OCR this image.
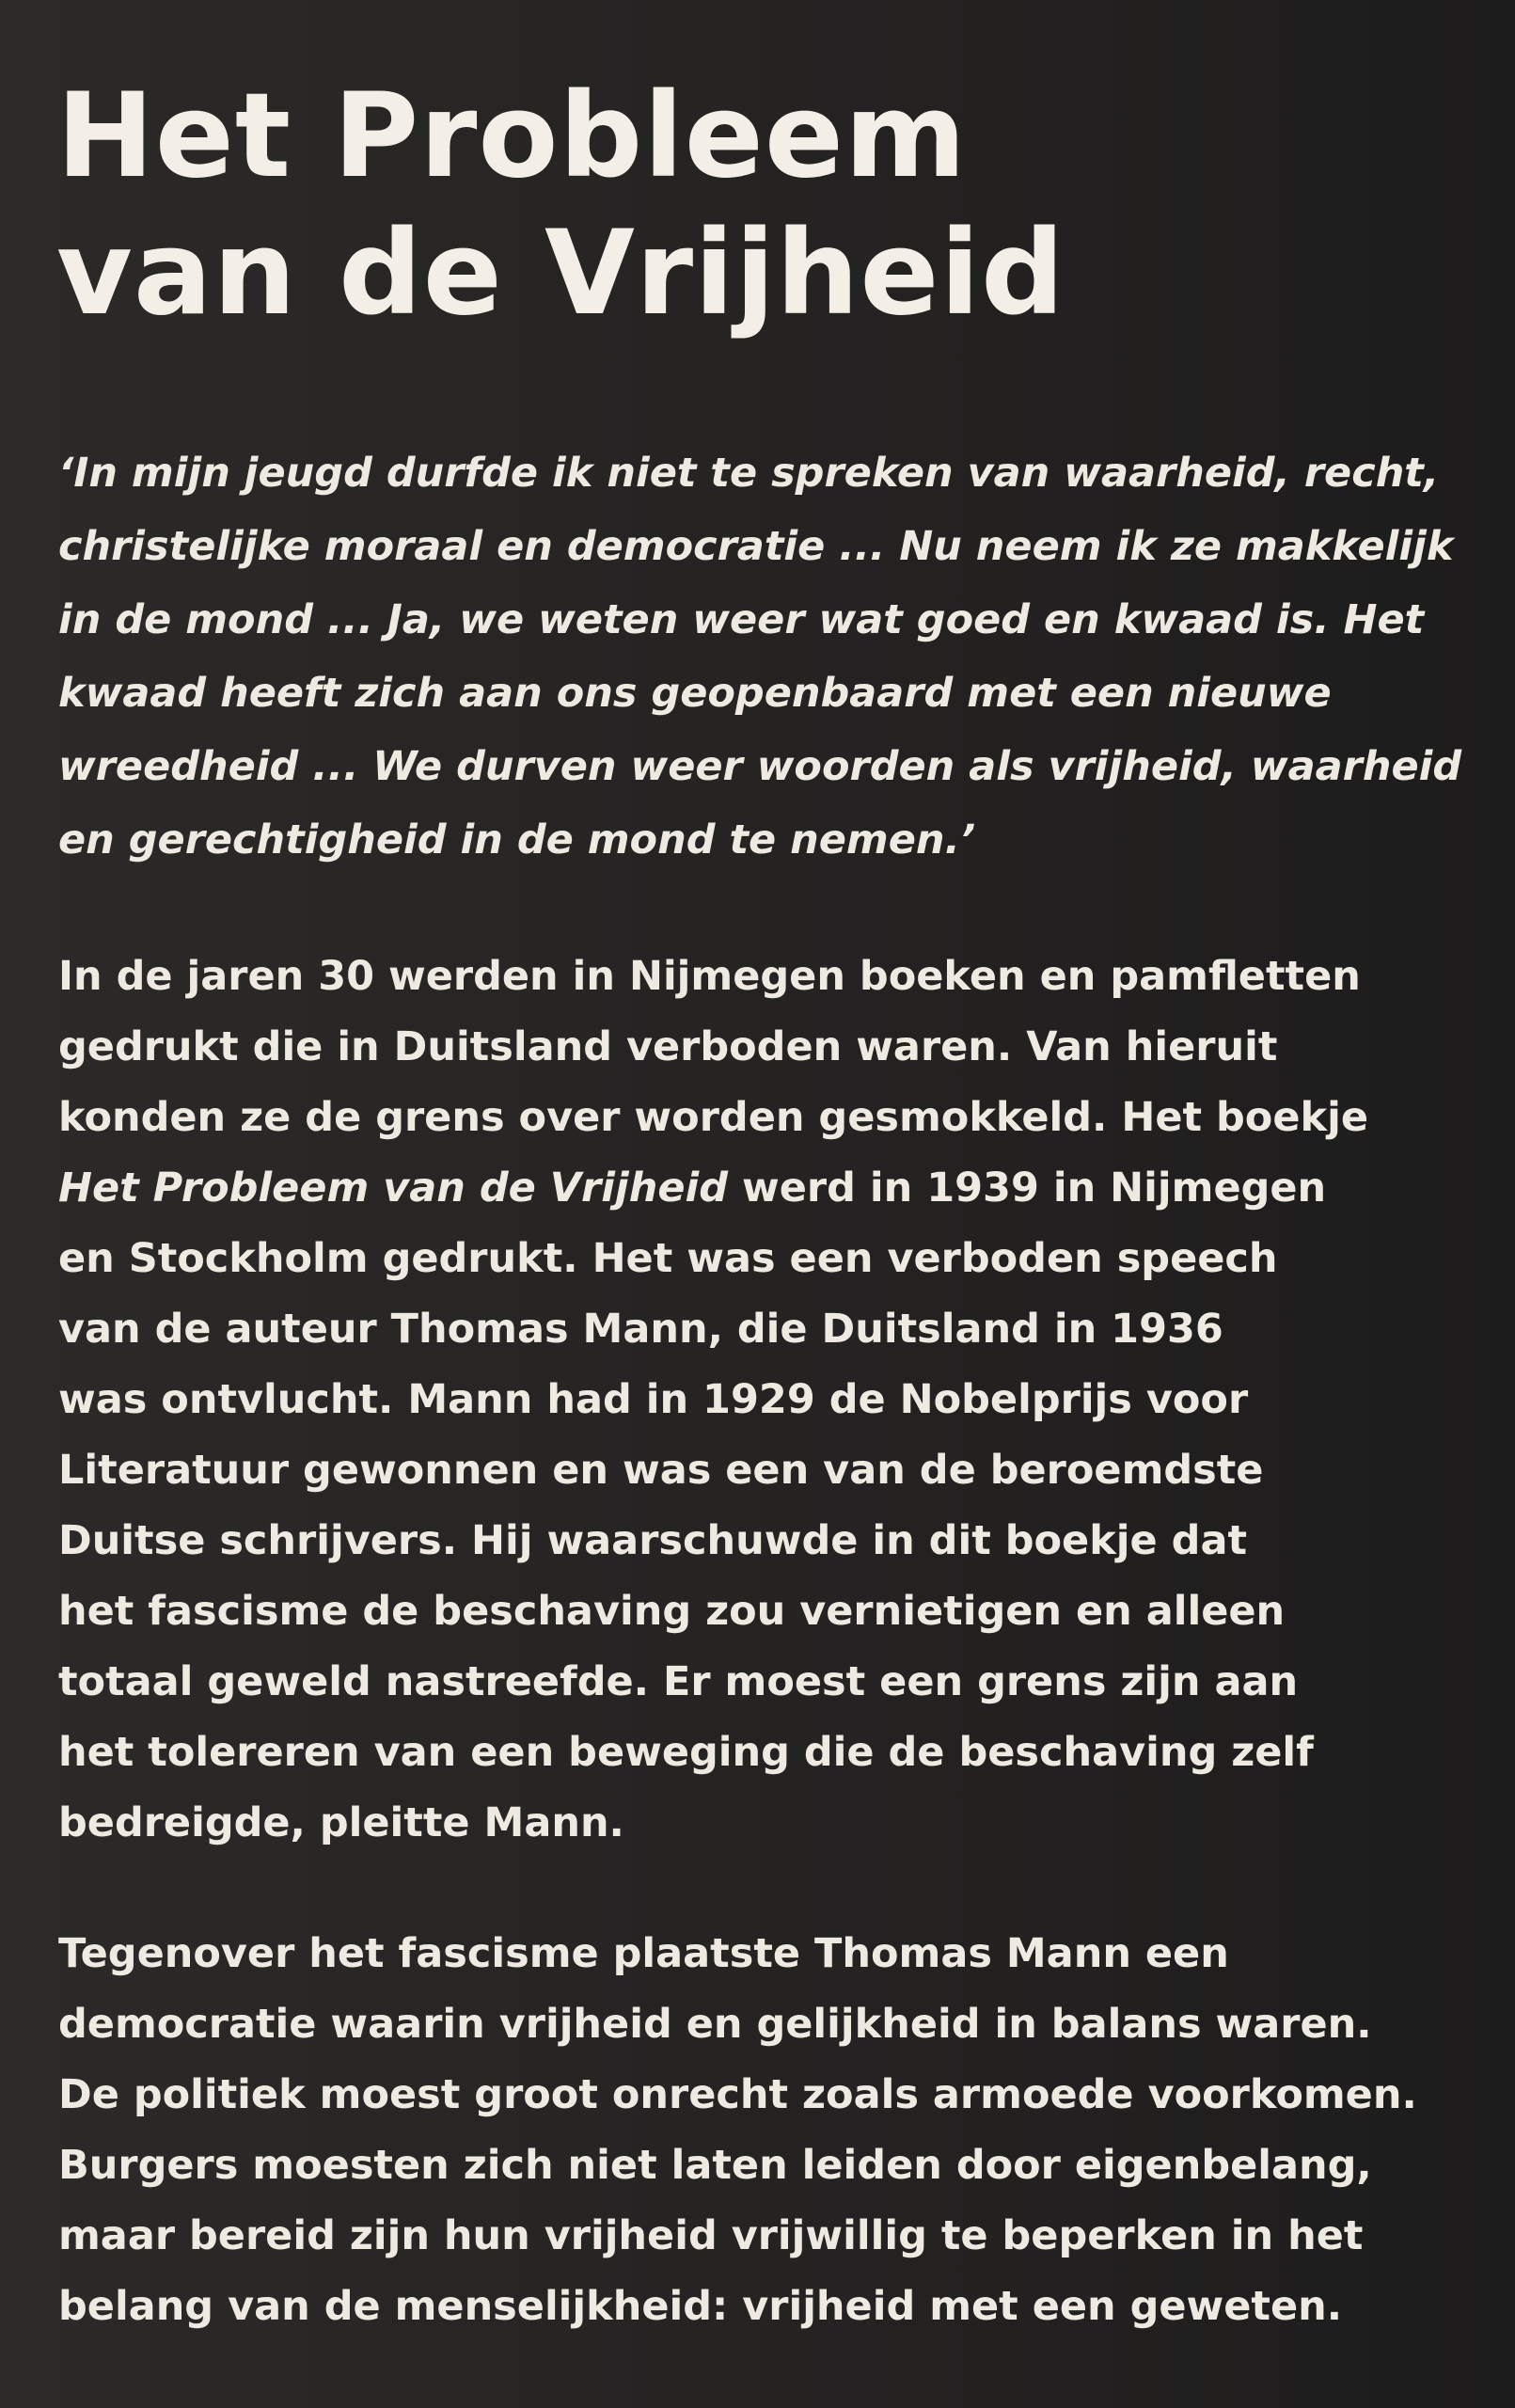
Het Probleem
van de Vrijheid

‘In mijn jeugd durfde ik niet te spreken van waarheid, recht,
christelijke moraal en democratie ... Nu neem ik ze makkelijk
in de mond ... Ja, we weten weer wat goed en kwaad is. Het
kwaad heeft zich aan ons geopenbaard met een nieuwe
wreedheid ... We durven weer woorden als vrijheid, waarheid
en gerechtigheid in de mond te nemen.’

In de jaren 30 werden in Nijmegen boeken en pamfletten
gedrukt die in Duitsland verboden waren. Van hieruit
konden ze de grens over worden gesmokkeld. Het boekje
Het Probleem van de Vrijheid werd in 1939 in Nijmegen
en Stockholm gedrukt. Het was een verboden speech
van de auteur Thomas Mann, die Duitsland in 1936
was ontvlucht. Mann had in 1929 de Nobelprijs voor
Literatuur gewonnen en was een van de beroemdste
Duitse schrijvers. Hij waarschuwde in dit boekje dat
het fascisme de beschaving zou vernietigen en alleen
totaal geweld nastreefde. Er moest een grens zijn aan
het tolereren van een beweging die de beschaving zelf
bedreigde, pleitte Mann.

Tegenover het fascisme plaatste Thomas Mann een
democratie waarin vrijheid en gelijkheid in balans waren.
De politiek moest groot onrecht zoals armoede voorkomen.
Burgers moesten zich niet laten leiden door eigenbelang,
maar bereid zijn hun vrijheid vrijwillig te beperken in het
belang van de menselijkheid: vrijheid met een geweten.
